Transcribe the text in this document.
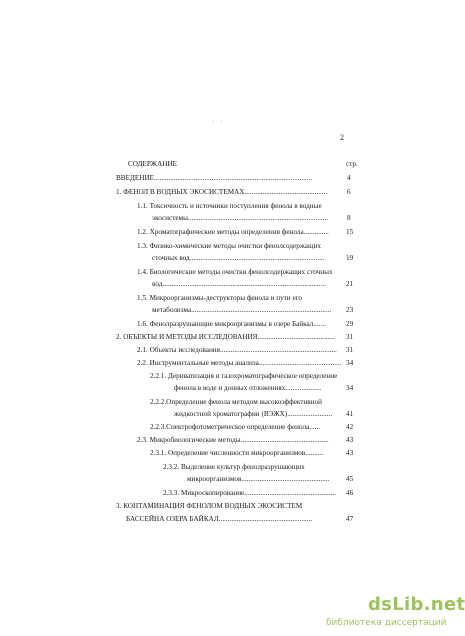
· ·
2
СОДЕРЖАНИЕ	стр.
ВВЕДЕНИЕ........................................................................................	4
1. ФЕНОЛ В ВОДНЫХ ЭКОСИСТЕМАХ..............................................	6
1.1. Токсичность и источники поступления фенола в водные
экосистемы..............................................................................	8
1.2. Хроматографические методы определения фенола..............	15
1.3. Физико-химические методы очистки фенолсодержащих
сточных вод...........................................................................	19
1.4. Биологические методы очистки фенолсодержащих сточных
вод...........................................................................................	21
1.5. Микроорганизмы-деструкторы фенола и пути его
метаболизма..............................................................................	23
1.6. Фенолразрушающие микроорганизмы в озере Байкал.......	29
2. ОБЪЕКТЫ И МЕТОДЫ ИССЛЕДОВАНИЯ...........................................	31
2.1. Объекты исследования.................................................................	31
2.2. Инструментальные методы анализа.............................................. 34
2.2.1. Дериватизация и газохроматографическое определение
фенола в воде и донных отложениях....................	34
2.2.2.Определение фенола методом высокоэффективной
жидкостной хроматографии (ВЭЖХ).........................	41
2.2.3.Спектрофотометрическое определение фенола......	42
2.3. Микробиологические методы.................................................	43
2.3.1. Определение численности микроорганизмов..........	43
2.3.2. Выделение культур фенолразрушающих
микроорганизмов.................................................	45
2.3.3. Микроскопирование...................................................	46
3. КОНТАМИНАЦИЯ ФЕНОЛОМ ВОДНЫХ ЭКОСИСТЕМ
БАССЕЙНА ОЗЕРА БАЙКАЛ....................................................	47
dsLib.net
библиотека диссертаций
